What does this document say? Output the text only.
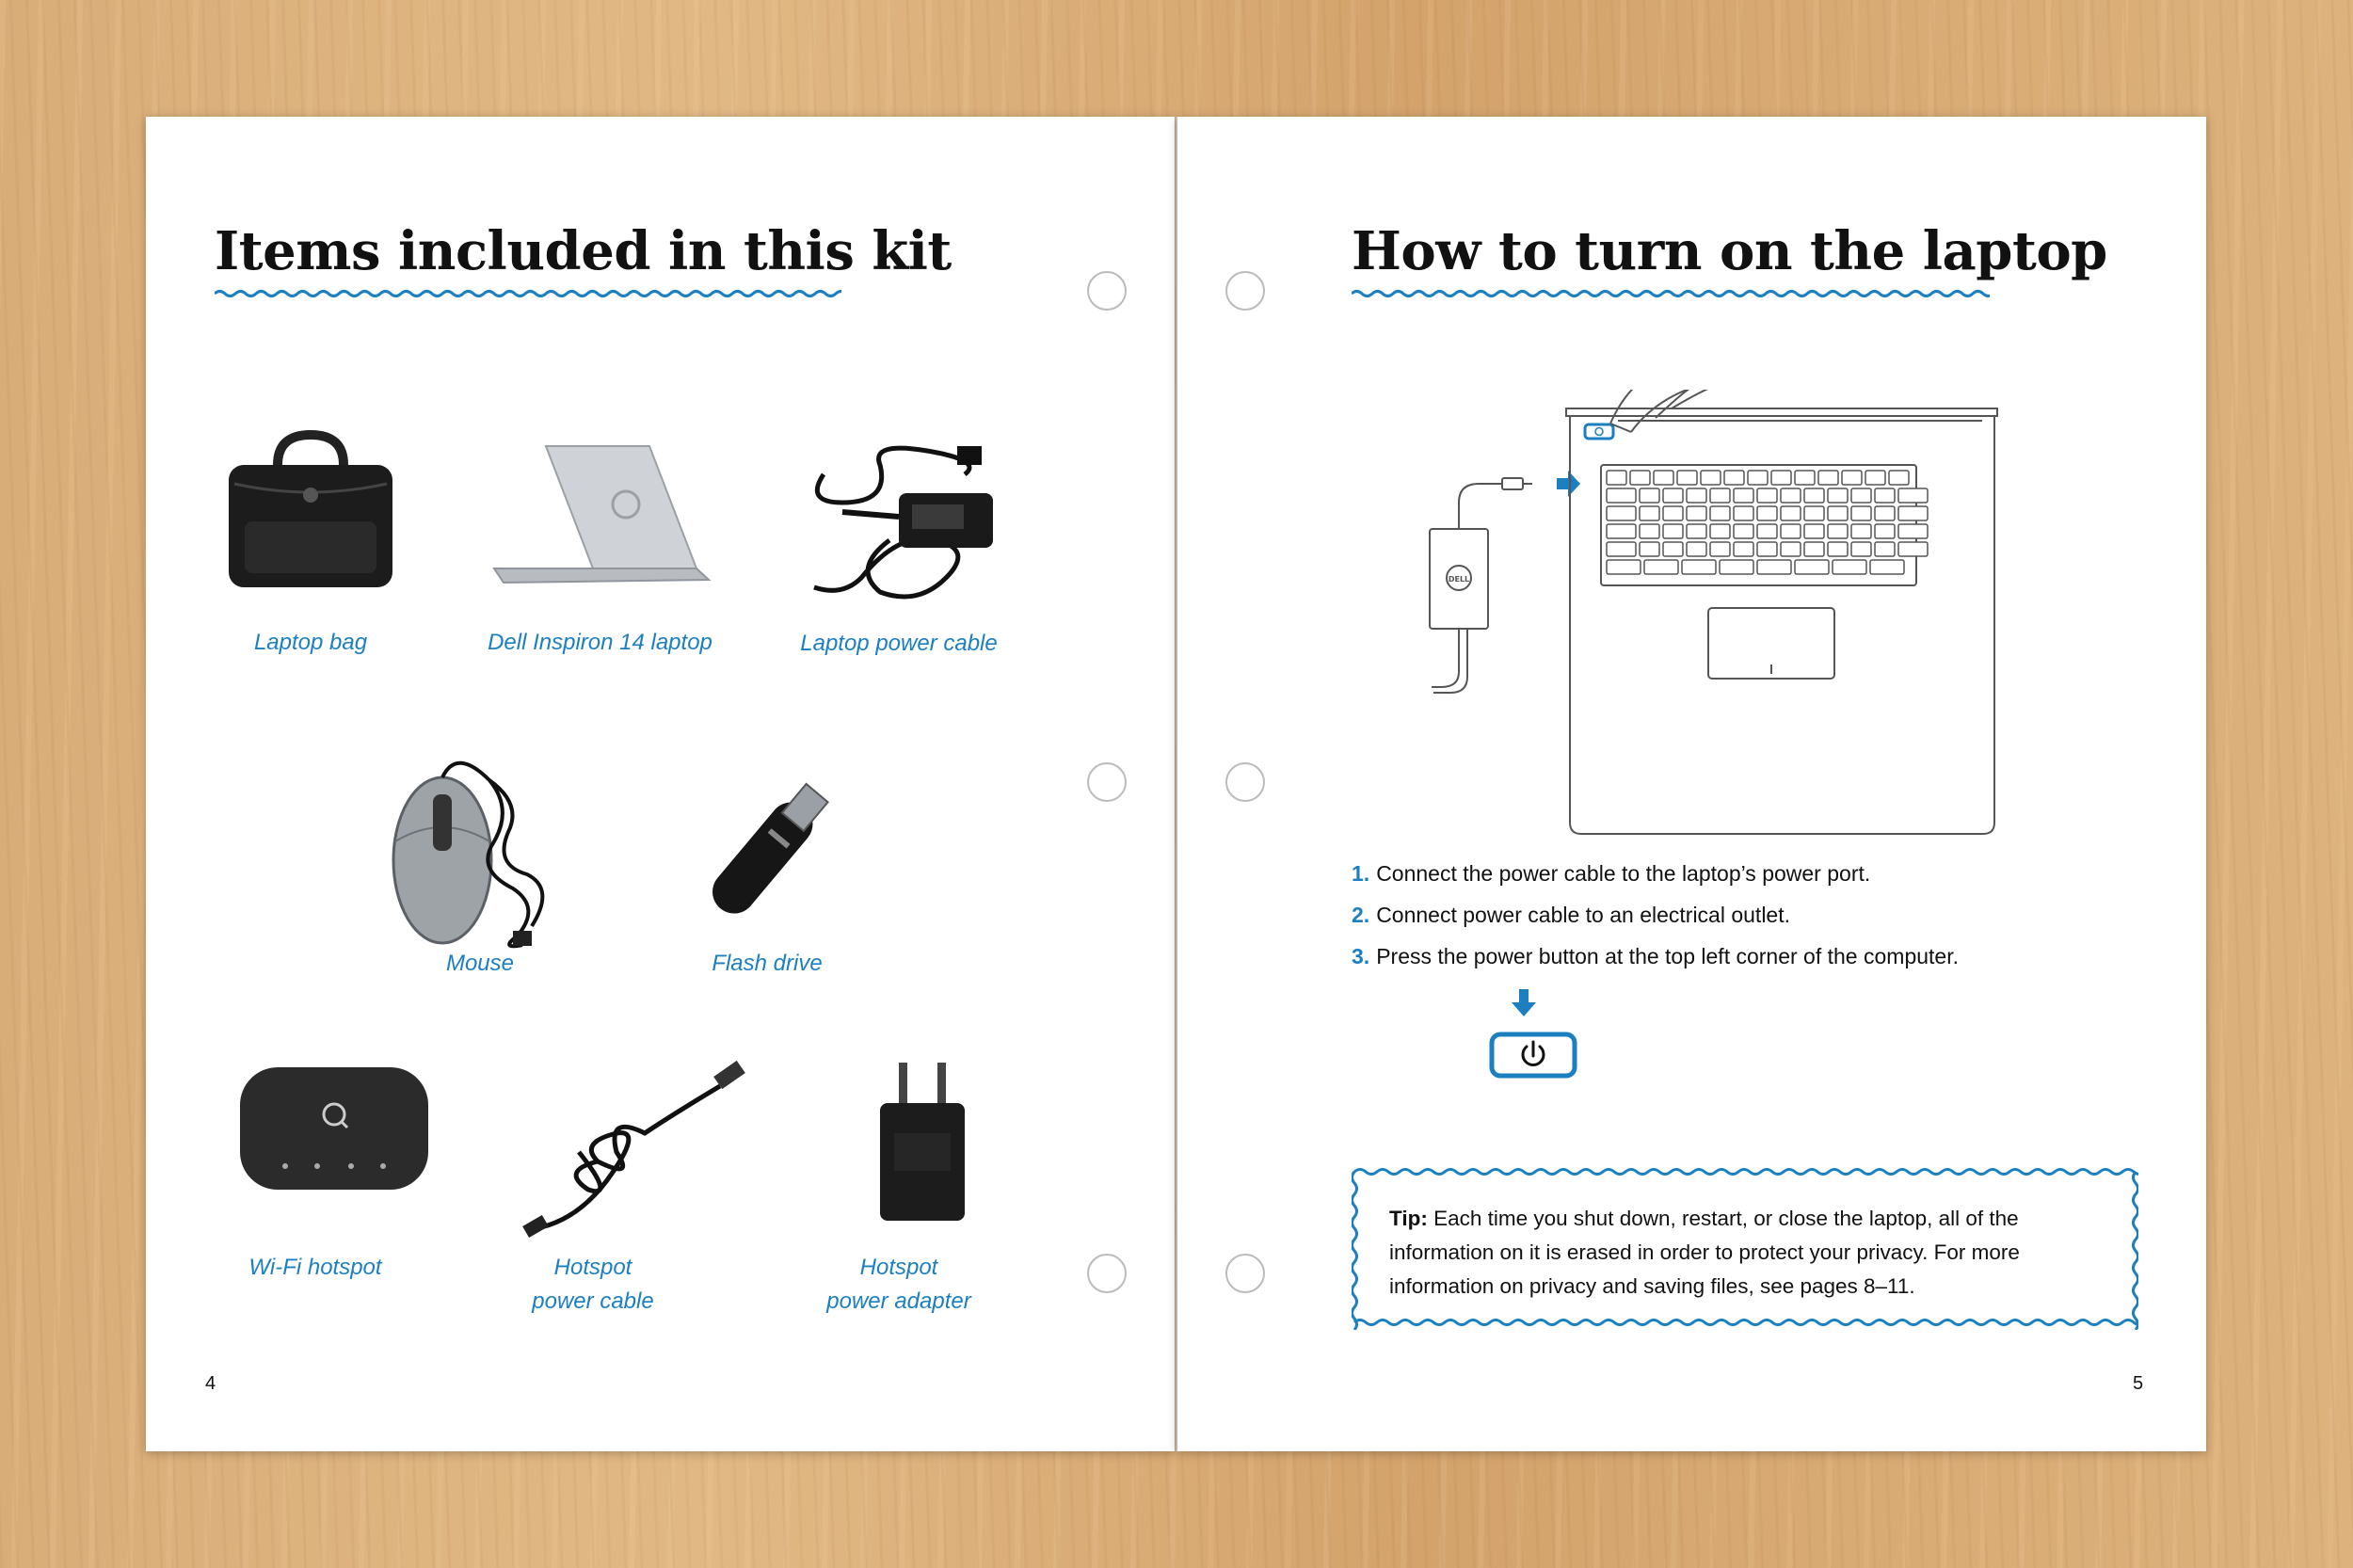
Items included in this kit

Laptop bag	Dell Inspiron 14 laptop	Laptop power cable

Mouse	Flash drive

Wi-Fi hotspot	Hotspot
power cable

Hotspot
power adapter

4

How to turn on the laptop
DELL
1. Connect the power cable to the laptop’s power port.
2. Connect power cable to an electrical outlet.
3. Press the power button at the top left corner of the computer.

Tip: Each time you shut down, restart, or close the laptop, all of the information on it is erased in order to protect your privacy. For more information on privacy and saving files, see pages 8–11.

5
